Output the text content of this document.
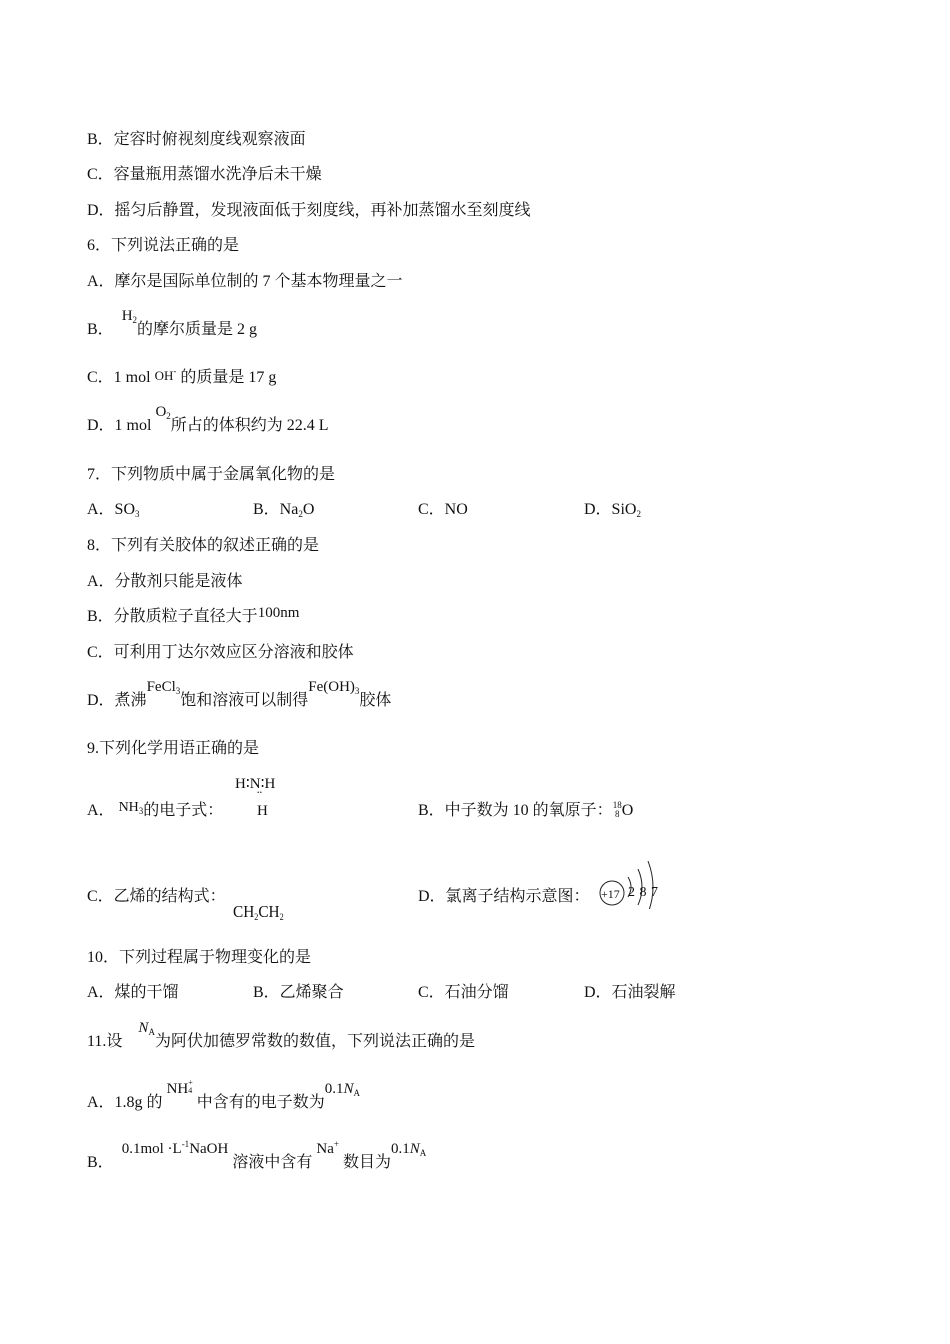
B．定容时俯视刻度线观察液面
C．容量瓶用蒸馏水洗净后未干燥
D．摇匀后静置，发现液面低于刻度线，再补加蒸馏水至刻度线
6．下列说法正确的是
A．摩尔是国际单位制的 7 个基本物理量之一
B．$H_2$的摩尔质量是 2 g
C．1 mol OH- 的质量是 17 g
D．1 mol $O_2$所占的体积约为 22.4 L
7．下列物质中属于金属氧化物的是
A．SO3	B．Na2O	C．NO	D．SiO2
8．下列有关胶体的叙述正确的是
A．分散剂只能是液体
B．分散质粒子直径大于100nm
C．可利用丁达尔效应区分溶液和胶体
D．煮沸FeCl$_3$饱和溶液可以制得$Fe(OH)_3$胶体
9.下列化学用语正确的是
A． $NH_3$的电子式：
H∶N∶H
¨
H	B．中子数为 10 的氧原子：18
8 O
C．乙烯的结构式：
CH2CH2
D．氯离子结构示意图： +17 2 8 7
10．下列过程属于物理变化的是
A．煤的干馏	B．乙烯聚合	C．石油分馏	D．石油裂解
11.设$N_A$为阿伏加德罗常数的数值，下列说法正确的是
A．1.8g 的NH+
4中含有的电子数为$0.1N_A$
B．$0.1mol \cdot L^{-1}NaOH$溶液中含有Na+数目为$0.1N_A$
